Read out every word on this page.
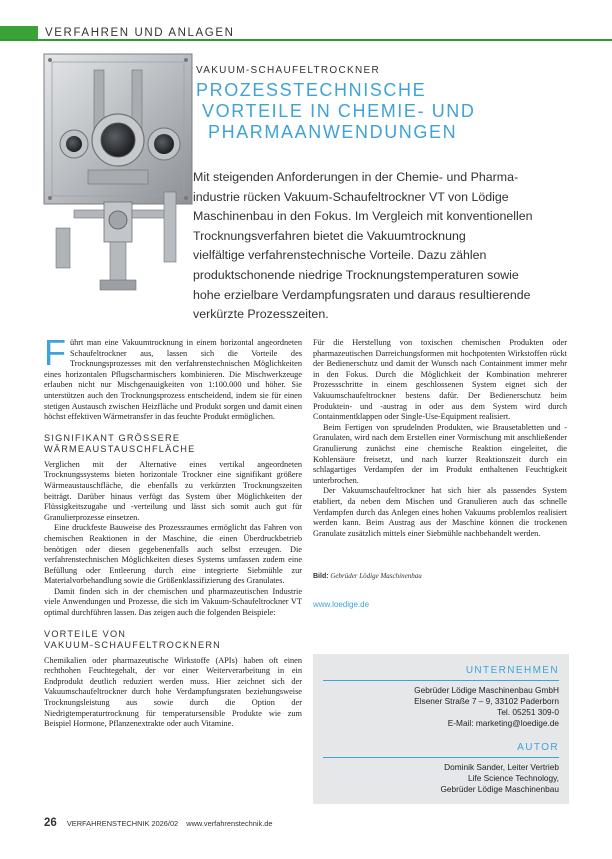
VERFAHREN UND ANLAGEN
VAKUUM-SCHAUFELTROCKNER
PROZESSTECHNISCHE
VORTEILE IN CHEMIE- UND
PHARMAANWENDUNGEN
Mit steigenden Anforderungen in der Chemie- und Pharma-
industrie rücken Vakuum-Schaufeltrockner VT von Lödige
Maschinenbau in den Fokus. Im Vergleich mit konventionellen
Trocknungsverfahren bietet die Vakuumtrocknung
vielfältige verfahrenstechnische Vorteile. Dazu zählen
produktschonende niedrige Trocknungstemperaturen sowie
hohe erzielbare Verdampfungsraten und daraus resultierende
verkürzte Prozesszeiten.

Führt man eine Vakuumtrocknung in einem horizontal angeordneten Schaufeltrockner aus, lassen sich die Vorteile des Trocknungsprozesses mit den verfahrenstechnischen Möglichkeiten eines horizontalen Pflugscharmischers kombinieren. Die Mischwerkzeuge erlauben nicht nur Mischgenauigkeiten von 1:100.000 und höher. Sie unterstützen auch den Trocknungsprozess entscheidend, indem sie für einen stetigen Austausch zwischen Heizfläche und Produkt sorgen und damit einen höchst effektiven Wärmetransfer in das feuchte Produkt ermöglichen.

SIGNIFIKANT GRÖSSERE
WÄRMEAUSTAUSCHFLÄCHE

Verglichen mit der Alternative eines vertikal angeordneten Trocknungssystems bieten horizontale Trockner eine signifikant größere Wärmeaustauschfläche, die ebenfalls zu verkürzten Trocknungszeiten beiträgt. Darüber hinaus verfügt das System über Möglichkeiten der Flüssigkeitszugabe und -verteilung und lässt sich somit auch gut für Granulierprozesse einsetzen.

Eine druckfeste Bauweise des Prozessraumes ermöglicht das Fahren von chemischen Reaktionen in der Maschine, die einen Überdruckbetrieb benötigen oder diesen gegebenenfalls auch selbst erzeugen. Die verfahrenstechnischen Möglichkeiten dieses Systems umfassen zudem eine Befüllung oder Entleerung durch eine integrierte Siebmühle zur Materialvorbehandlung sowie die Größenklassifizierung des Granulates.

Damit finden sich in der chemischen und pharmazeutischen Industrie viele Anwendungen und Prozesse, die sich im Vakuum-Schaufeltrockner VT optimal durchführen lassen. Das zeigen auch die folgenden Beispiele:

VORTEILE VON
VAKUUM-SCHAUFELTROCKNERN

Chemikalien oder pharmazeutische Wirkstoffe (APIs) haben oft einen rechthohen Feuchtegehalt, der vor einer Weiterverarbeitung in ein Endprodukt deutlich reduziert werden muss. Hier zeichnet sich der Vakuumschaufeltrockner durch hohe Verdampfungsraten beziehungsweise Trocknungsleistung aus sowie durch die Option der Niedrigtemperaturtrocknung für temperatursensible Produkte wie zum Beispiel Hormone, Pflanzenextrakte oder auch Vitamine.

Für die Herstellung von toxischen chemischen Produkten oder pharmazeutischen Darreichungsformen mit hochpotenten Wirkstoffen rückt der Bedienerschutz und damit der Wunsch nach Containment immer mehr in den Fokus. Durch die Möglichkeit der Kombination mehrerer Prozessschritte in einem geschlossenen System eignet sich der Vakuumschaufeltrockner bestens dafür. Der Bedienerschutz beim Produktein- und -austrag in oder aus dem System wird durch Containmentklappen oder Single-Use-Equipment realisiert.

Beim Fertigen von sprudelnden Produkten, wie Brausetabletten und -Granulaten, wird nach dem Erstellen einer Vormischung mit anschließender Granulierung zunächst eine chemische Reaktion eingeleitet, die Kohlensäure freisetzt, und nach kurzer Reaktionszeit durch ein schlagartiges Verdampfen der im Produkt enthaltenen Feuchtigkeit unterbrochen.

Der Vakuumschaufeltrockner hat sich hier als passendes System etabliert, da neben dem Mischen und Granulieren auch das schnelle Verdampfen durch das Anlegen eines hohen Vakuums problemlos realisiert werden kann. Beim Austrag aus der Maschine können die trockenen Granulate zusätzlich mittels einer Siebmühle nachbehandelt werden.

Bild: Gebrüder Lödige Maschinenbau
www.loedige.de
UNTERNEHMEN
Gebrüder Lödige Maschinenbau GmbH
Elsener Straße 7 – 9, 33102 Paderborn
Tel. 05251 309-0
E-Mail: marketing@loedige.de
AUTOR
Dominik Sander, Leiter Vertrieb
Life Science Technology,
Gebrüder Lödige Maschinenbau
26 VERFAHRENSTECHNIK 2026/02 www.verfahrenstechnik.de
